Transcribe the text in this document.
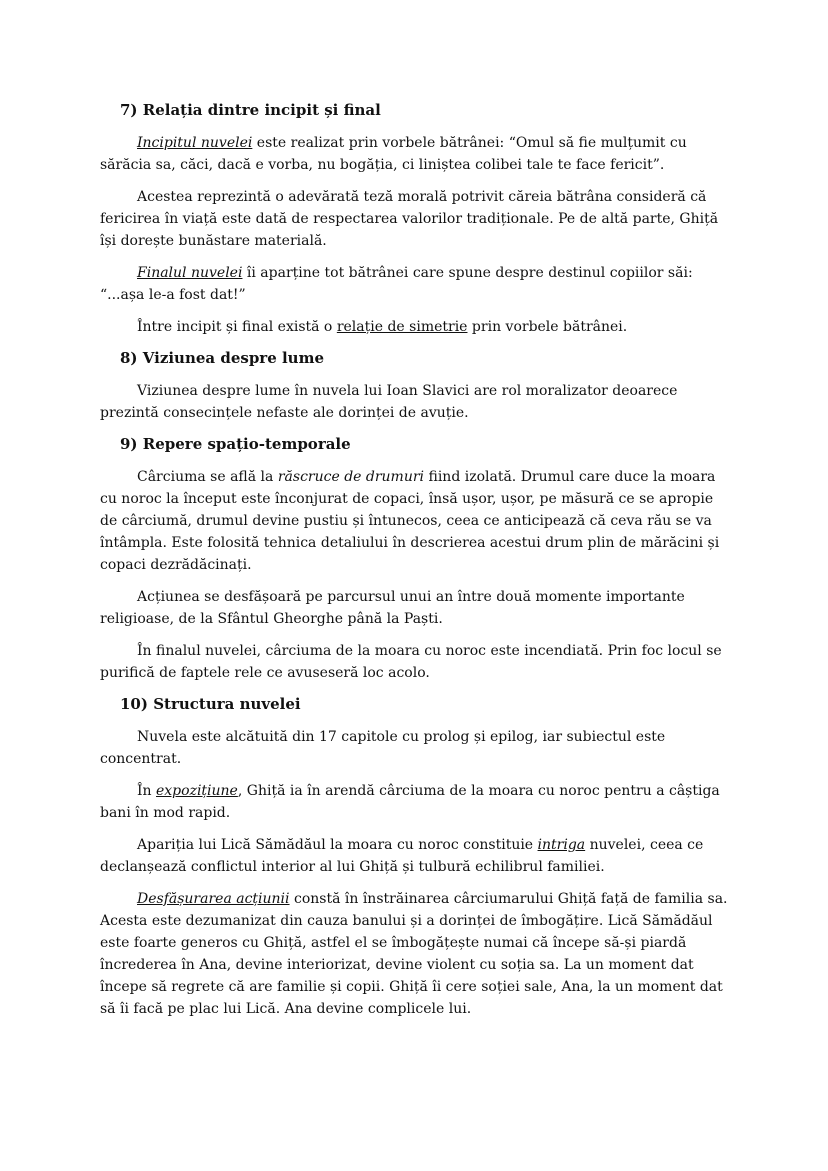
7) Relația dintre incipit și final

Incipitul nuvelei este realizat prin vorbele bătrânei: “Omul să fie mulțumit cu sărăcia sa, căci, dacă e vorba, nu bogăția, ci liniștea colibei tale te face fericit”.

Acestea reprezintă o adevărată teză morală potrivit căreia bătrâna consideră că fericirea în viață este dată de respectarea valorilor tradiționale. Pe de altă parte, Ghiță își dorește bunăstare materială.

Finalul nuvelei îi aparține tot bătrânei care spune despre destinul copiilor săi: “...așa le-a fost dat!”

Între incipit și final există o relație de simetrie prin vorbele bătrânei.

8) Viziunea despre lume

Viziunea despre lume în nuvela lui Ioan Slavici are rol moralizator deoarece prezintă consecințele nefaste ale dorinței de avuție.

9) Repere spațio-temporale

Cârciuma se află la răscruce de drumuri fiind izolată. Drumul care duce la moara cu noroc la început este înconjurat de copaci, însă ușor, ușor, pe măsură ce se apropie de cârciumă, drumul devine pustiu și întunecos, ceea ce anticipează că ceva rău se va întâmpla. Este folosită tehnica detaliului în descrierea acestui drum plin de mărăcini și copaci dezrădăcinați.

Acțiunea se desfășoară pe parcursul unui an între două momente importante religioase, de la Sfântul Gheorghe până la Paști.

În finalul nuvelei, cârciuma de la moara cu noroc este incendiată. Prin foc locul se purifică de faptele rele ce avuseseră loc acolo.

10) Structura nuvelei

Nuvela este alcătuită din 17 capitole cu prolog și epilog, iar subiectul este concentrat.

În expozițiune, Ghiță ia în arendă cârciuma de la moara cu noroc pentru a câștiga bani în mod rapid.

Apariția lui Lică Sămădăul la moara cu noroc constituie intriga nuvelei, ceea ce declanșează conflictul interior al lui Ghiță și tulbură echilibrul familiei.

Desfășurarea acțiunii constă în înstrăinarea cârciumarului Ghiță față de familia sa. Acesta este dezumanizat din cauza banului și a dorinței de îmbogățire. Lică Sămădăul este foarte generos cu Ghiță, astfel el se îmbogățește numai că începe să-și piardă încrederea în Ana, devine interiorizat, devine violent cu soția sa. La un moment dat începe să regrete că are familie și copii. Ghiță îi cere soției sale, Ana, la un moment dat să îi facă pe plac lui Lică. Ana devine complicele lui.
